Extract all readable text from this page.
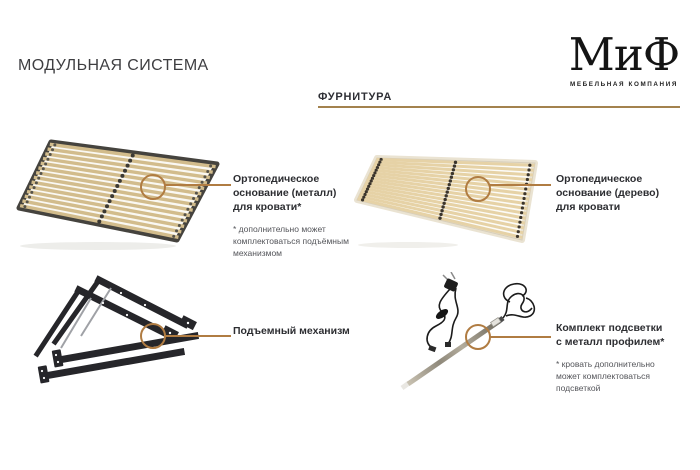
МОДУЛЬНАЯ СИСТЕМА	МиФ
МЕБЕЛЬНАЯ КОМПАНИЯ
ФУРНИТУРА
Ортопедическое
основание (металл)
для кровати*
* дополнительно может
комплектоваться подъёмным
механизмом
Ортопедическое
основание (дерево)
для кровати
Подъемный механизм	Комплект подсветки
с металл профилем*
* кровать дополнительно
может комплектоваться
подсветкой
